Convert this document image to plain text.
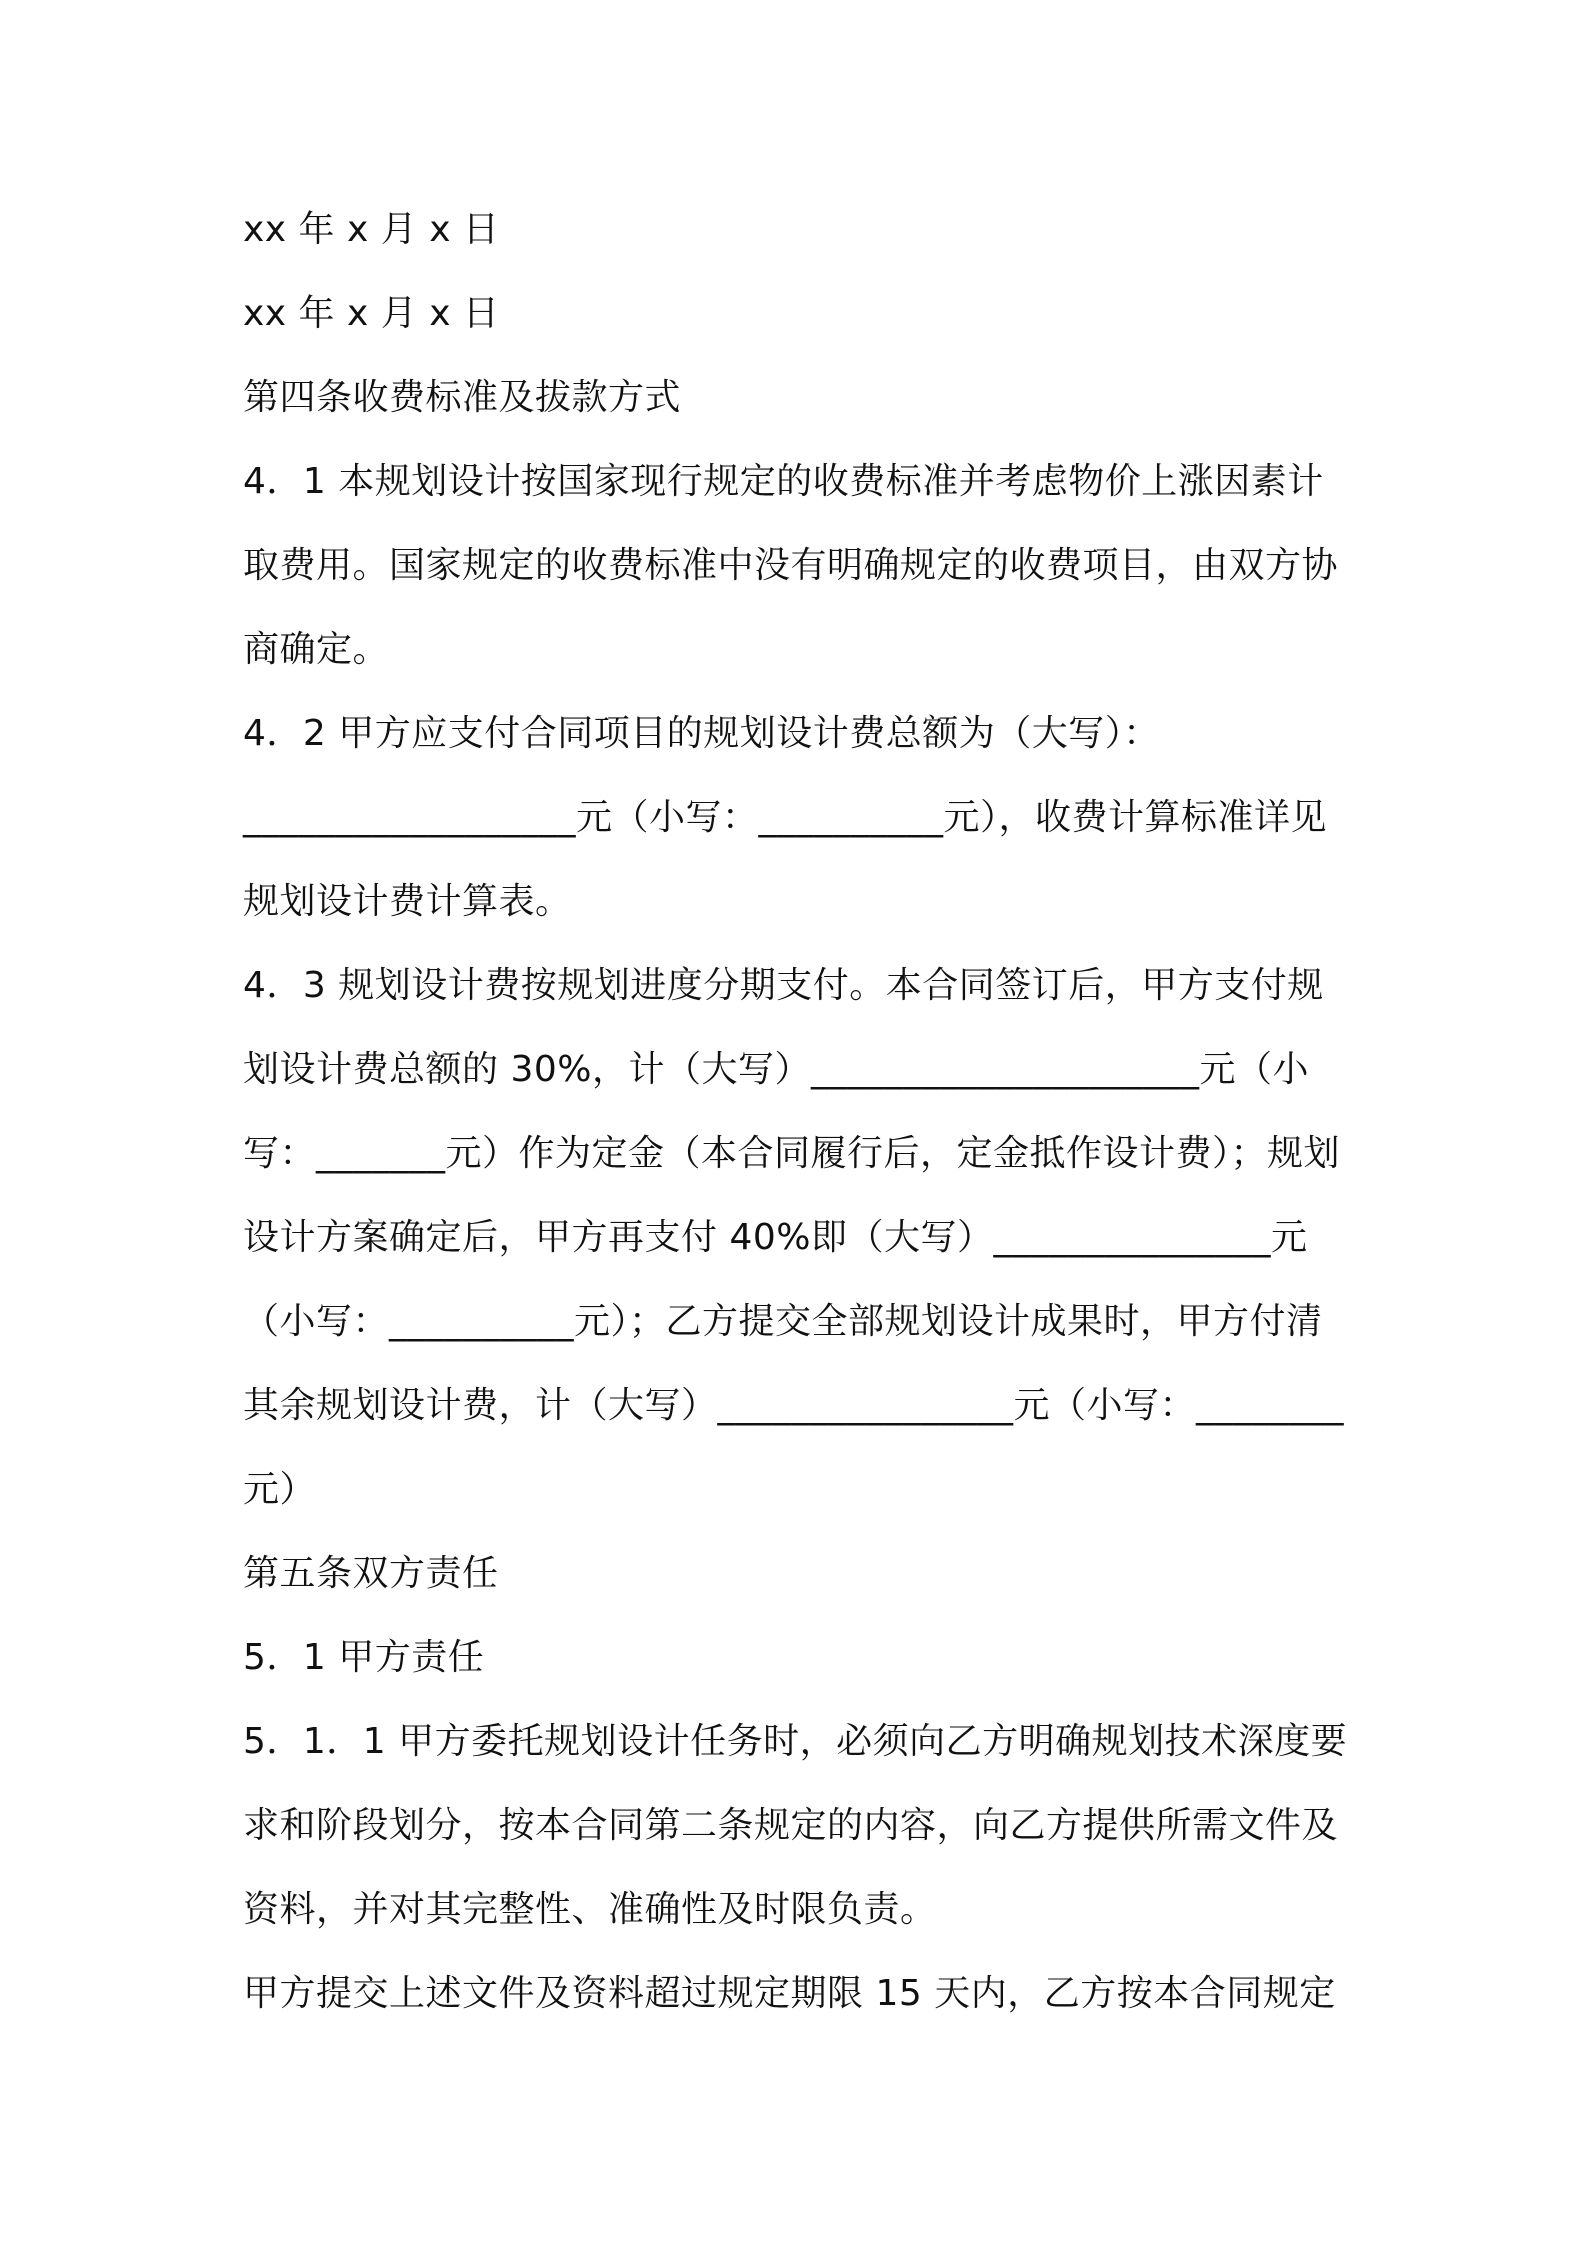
xx 年 x 月 x 日
xx 年 x 月 x 日
第四条收费标准及拔款方式
4．1 本规划设计按国家现行规定的收费标准并考虑物价上涨因素计
取费用。国家规定的收费标准中没有明确规定的收费项目，由双方协
商确定。
4．2 甲方应支付合同项目的规划设计费总额为（大写）：
__________________元（小写：__________元），收费计算标准详见
规划设计费计算表。
4．3 规划设计费按规划进度分期支付。本合同签订后，甲方支付规
划设计费总额的 30%，计（大写）_____________________元（小
写：_______元）作为定金（本合同履行后，定金抵作设计费）；规划
设计方案确定后，甲方再支付 40%即（大写）_______________元
（小写：__________元）；乙方提交全部规划设计成果时，甲方付清
其余规划设计费，计（大写）________________元（小写：________
元）
第五条双方责任
5．1 甲方责任
5．1．1 甲方委托规划设计任务时，必须向乙方明确规划技术深度要
求和阶段划分，按本合同第二条规定的内容，向乙方提供所需文件及
资料，并对其完整性、准确性及时限负责。
甲方提交上述文件及资料超过规定期限 15 天内，乙方按本合同规定
